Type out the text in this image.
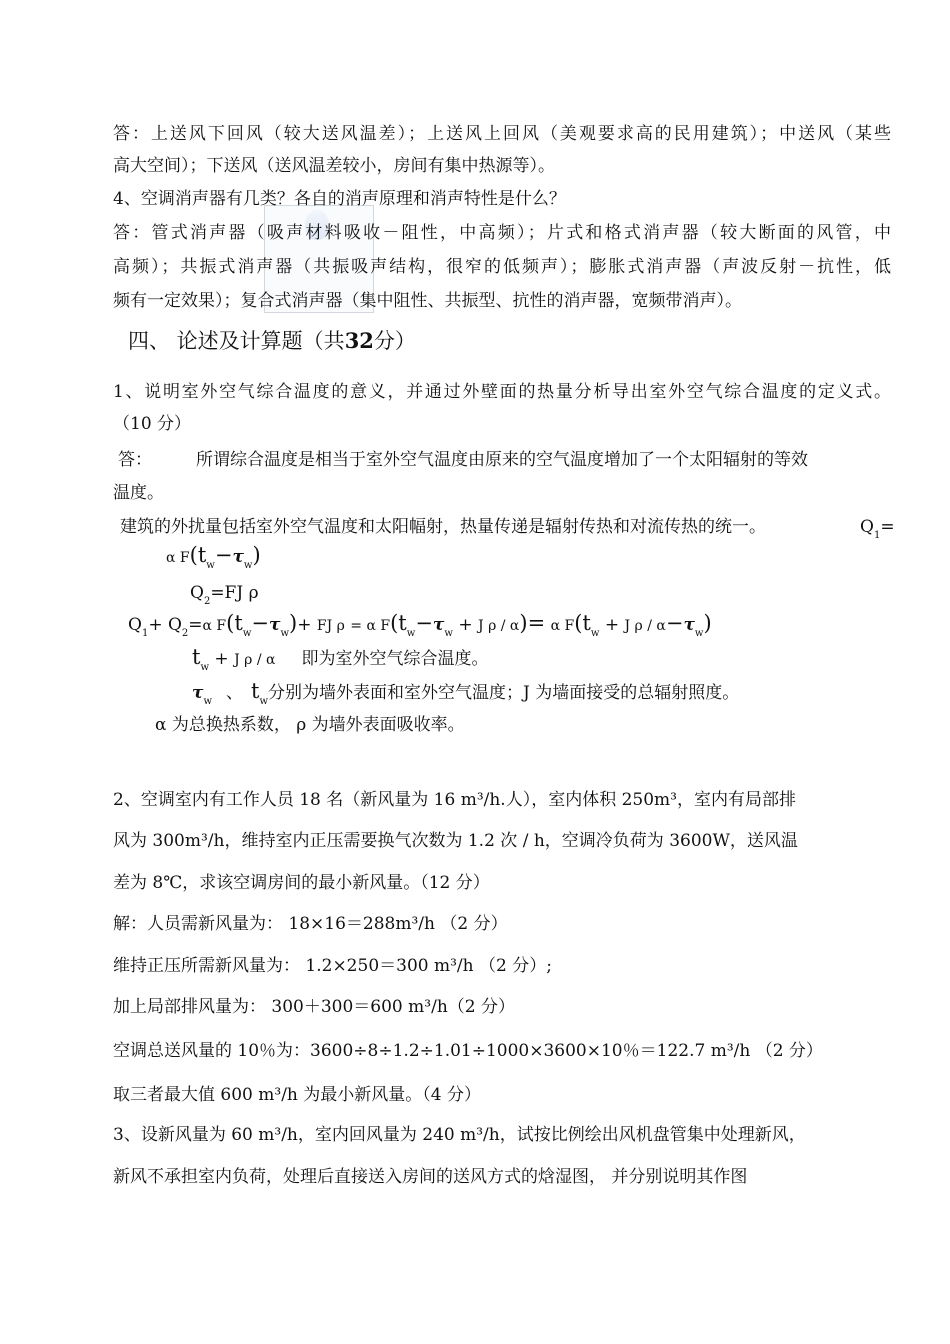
答：上送风下回风（较大送风温差）；上送风上回风（美观要求高的民用建筑）；中送风（某些
高大空间）；下送风（送风温差较小，房间有集中热源等）。
4、空调消声器有几类？各自的消声原理和消声特性是什么？
答：管式消声器（吸声材料吸收－阻性，中高频）；片式和格式消声器（较大断面的风管，中
高频）；共振式消声器（共振吸声结构，很窄的低频声）；膨胀式消声器（声波反射－抗性，低
频有一定效果）；复合式消声器（集中阻性、共振型、抗性的消声器，宽频带消声）。
四、 论述及计算题（共32分）
1、说明室外空气综合温度的意义，并通过外壁面的热量分析导出室外空气综合温度的定义式。
（10 分）
答：	所谓综合温度是相当于室外空气温度由原来的空气温度增加了一个太阳辐射的等效
温度。
建筑的外扰量包括室外空气温度和太阳幅射，热量传递是辐射传热和对流传热的统一。	$Q_1=$
α $F(t_w-\tau_w)$
$Q_2=FJ$ ρ
$Q_1+ Q_2=\alpha$ $F(t_w-\tau_w)+$ FJ ρ = α $F(t_w-\tau_w + J$ ρ / α)= α $F(t_w + J$ $\rho / \alpha-\tau_w$)
$t_w + J$ ρ / α 即为室外空气综合温度。
$\tau_w$ 、 $t_w$分别为墙外表面和室外空气温度；J 为墙面接受的总辐射照度。
α 为总换热系数， ρ 为墙外表面吸收率。
2、空调室内有工作人员 18 名（新风量为 16 m³/h.人），室内体积 250m³，室内有局部排
风为 300m³/h，维持室内正压需要换气次数为 1.2 次 / h，空调冷负荷为 3600W，送风温
差为 8℃，求该空调房间的最小新风量。（12 分）
解：人员需新风量为： 18×16＝288m³/h （2 分）
维持正压所需新风量为： 1.2×250＝300 m³/h （2 分）;
加上局部排风量为： 300＋300＝600 m³/h（2 分）
空调总送风量的 10％为：3600÷8÷1.2÷1.01÷1000×3600×10％＝122.7 m³/h （2 分）
取三者最大值 600 m³/h 为最小新风量。（4 分）
3、设新风量为 60 m³/h，室内回风量为 240 m³/h，试按比例绘出风机盘管集中处理新风，
新风不承担室内负荷，处理后直接送入房间的送风方式的焓湿图， 并分别说明其作图
